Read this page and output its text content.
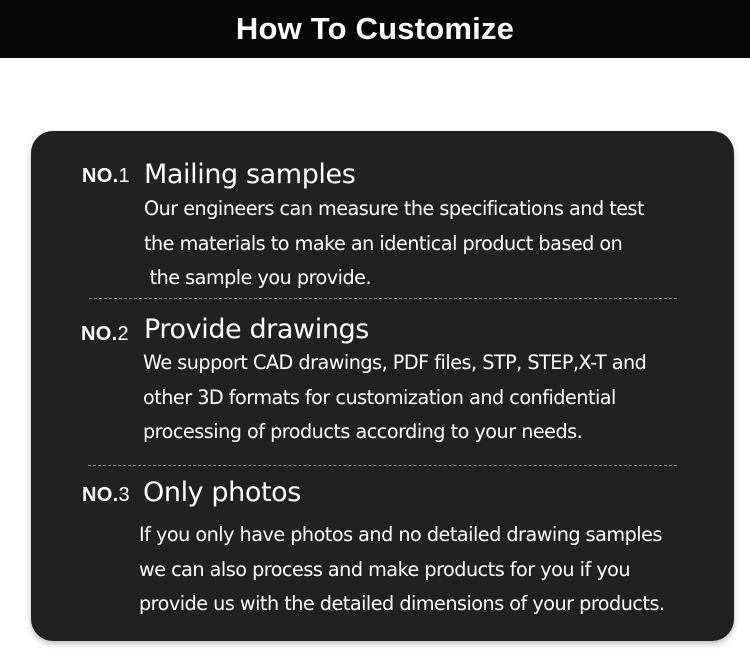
How To Customize
NO.1 Mailing samples
Our engineers can measure the specifications and test
the materials to make an identical product based on
the sample you provide.
NO.2 Provide drawings
We support CAD drawings, PDF files, STP, STEP,X-T and
other 3D formats for customization and confidential
processing of products according to your needs.
NO.3 Only photos
If you only have photos and no detailed drawing samples
we can also process and make products for you if you
provide us with the detailed dimensions of your products.
